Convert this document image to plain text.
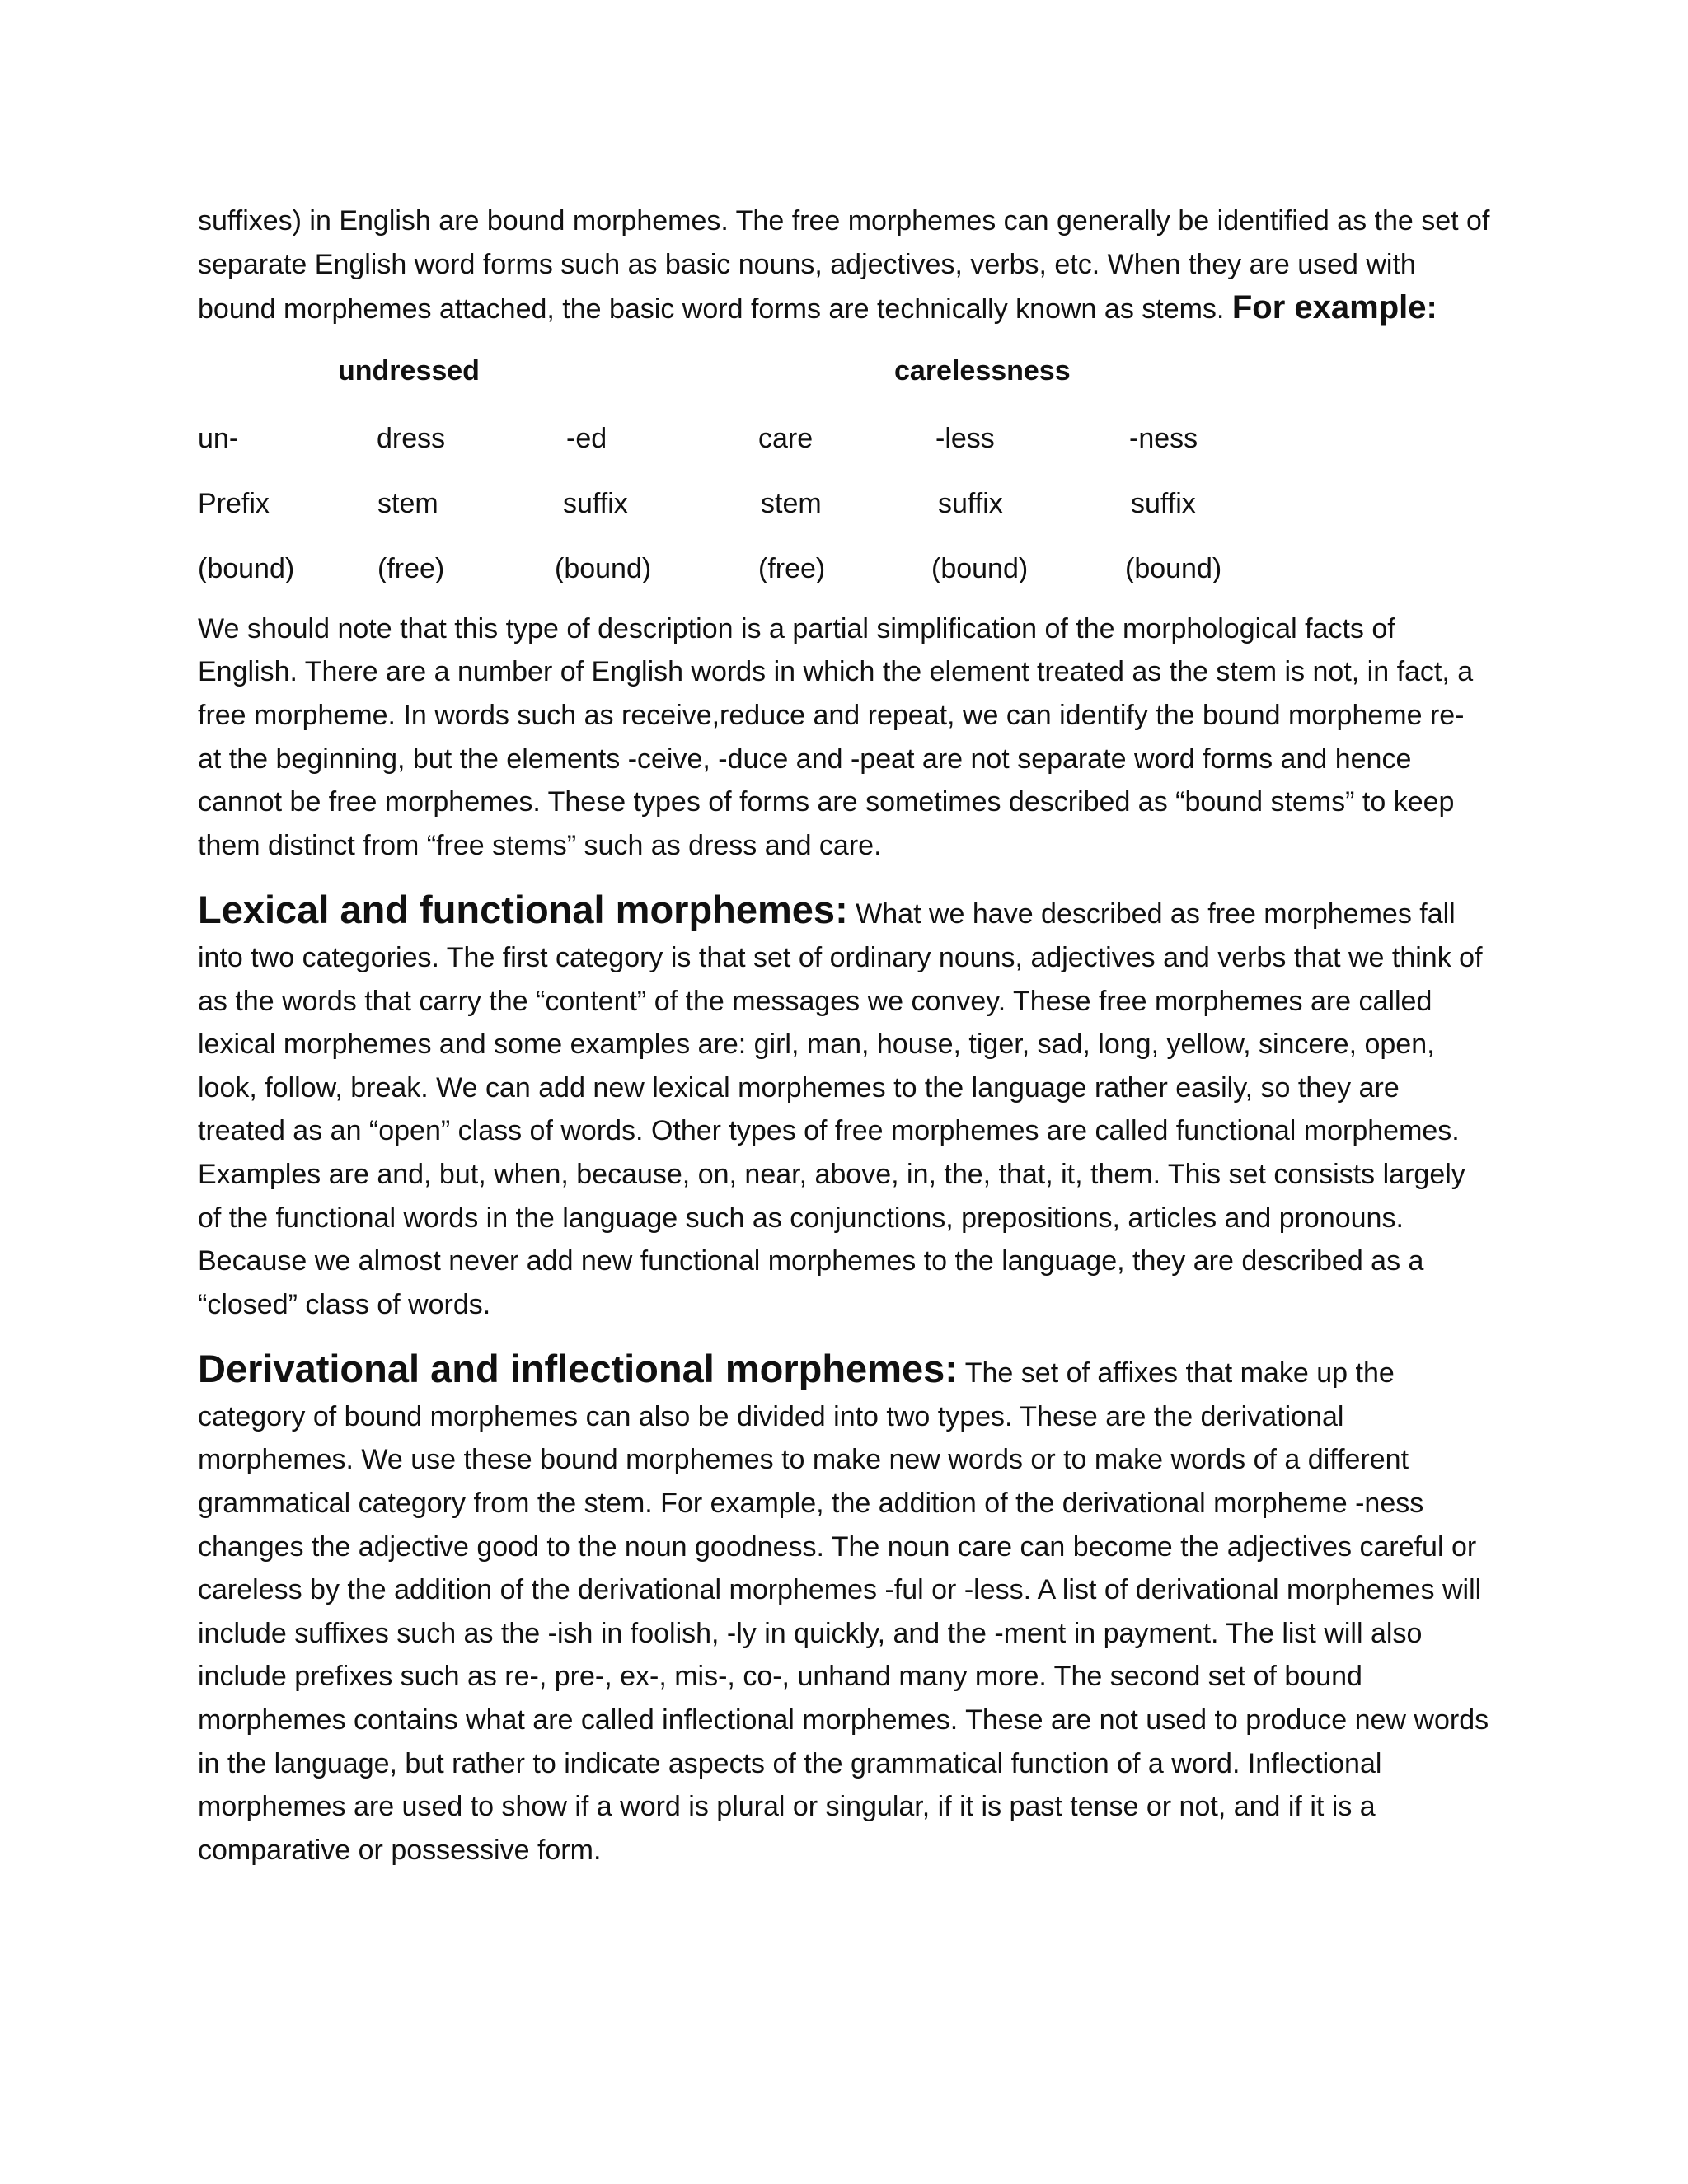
suffixes) in English are bound morphemes. The free morphemes can generally be identified as the set of separate English word forms such as basic nouns, adjectives, verbs, etc. When they are used with bound morphemes attached, the basic word forms are technically known as stems. For example:

undressed	carelessness
un-	dress	-ed	care	-less	-ness
Prefix	stem	suffix	stem	suffix	suffix
(bound)	(free)	(bound)	(free)	(bound)	(bound)

We should note that this type of description is a partial simplification of the morphological facts of English. There are a number of English words in which the element treated as the stem is not, in fact, a free morpheme. In words such as receive,reduce and repeat, we can identify the bound morpheme re- at the beginning, but the elements -ceive, -duce and -peat are not separate word forms and hence cannot be free morphemes. These types of forms are sometimes described as “bound stems” to keep them distinct from “free stems” such as dress and care.

Lexical and functional morphemes: What we have described as free morphemes fall into two categories. The first category is that set of ordinary nouns, adjectives and verbs that we think of as the words that carry the “content” of the messages we convey. These free morphemes are called lexical morphemes and some examples are: girl, man, house, tiger, sad, long, yellow, sincere, open, look, follow, break. We can add new lexical morphemes to the language rather easily, so they are treated as an “open” class of words. Other types of free morphemes are called functional morphemes. Examples are and, but, when, because, on, near, above, in, the, that, it, them. This set consists largely of the functional words in the language such as conjunctions, prepositions, articles and pronouns. Because we almost never add new functional morphemes to the language, they are described as a “closed” class of words.

Derivational and inflectional morphemes: The set of affixes that make up the category of bound morphemes can also be divided into two types. These are the derivational morphemes. We use these bound morphemes to make new words or to make words of a different grammatical category from the stem. For example, the addition of the derivational morpheme -ness changes the adjective good to the noun goodness. The noun care can become the adjectives careful or careless by the addition of the derivational morphemes -ful or -less. A list of derivational morphemes will include suffixes such as the -ish in foolish, -ly in quickly, and the -ment in payment. The list will also include prefixes such as re-, pre-, ex-, mis-, co-, unhand many more. The second set of bound morphemes contains what are called inflectional morphemes. These are not used to produce new words in the language, but rather to indicate aspects of the grammatical function of a word. Inflectional morphemes are used to show if a word is plural or singular, if it is past tense or not, and if it is a comparative or possessive form.
